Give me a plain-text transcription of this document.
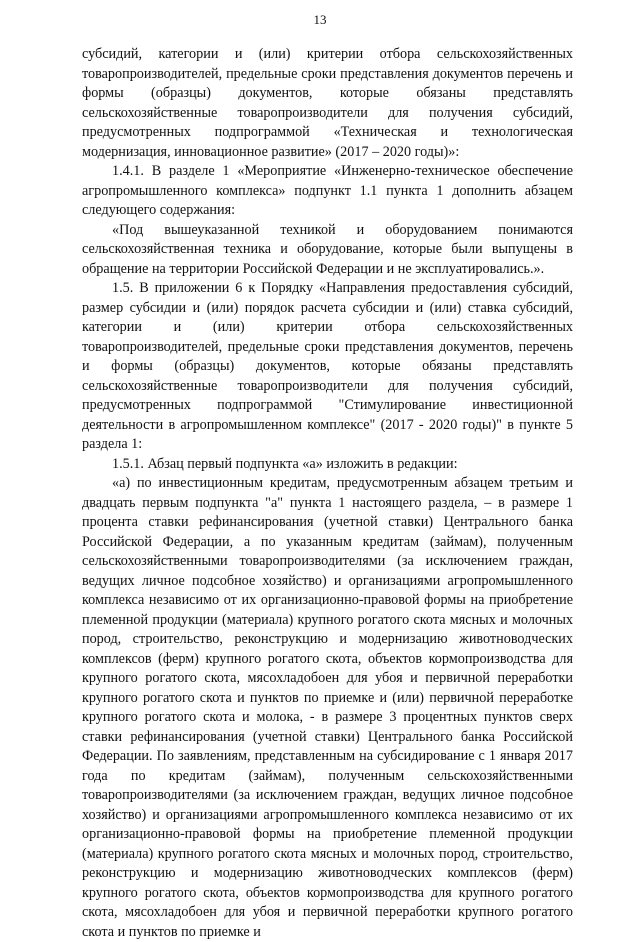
13

субсидий, категории и (или) критерии отбора сельскохозяйственных товаропроизводителей, предельные сроки представления документов перечень и формы (образцы) документов, которые обязаны представлять сельскохозяйственные товаропроизводители для получения субсидий, предусмотренных подпрограммой «Техническая и технологическая модернизация, инновационное развитие» (2017 – 2020 годы)»:

1.4.1. В разделе 1 «Мероприятие «Инженерно-техническое обеспечение агропромышленного комплекса» подпункт 1.1 пункта 1 дополнить абзацем следующего содержания:

«Под вышеуказанной техникой и оборудованием понимаются сельскохозяйственная техника и оборудование, которые были выпущены в обращение на территории Российской Федерации и не эксплуатировались.».

1.5. В приложении 6 к Порядку «Направления предоставления субсидий, размер субсидии и (или) порядок расчета субсидии и (или) ставка субсидий, категории и (или) критерии отбора сельскохозяйственных товаропроизводителей, предельные сроки представления документов, перечень и формы (образцы) документов, которые обязаны представлять сельскохозяйственные товаропроизводители для получения субсидий, предусмотренных подпрограммой "Стимулирование инвестиционной деятельности в агропромышленном комплексе" (2017 - 2020 годы)" в пункте 5 раздела 1:

1.5.1. Абзац первый подпункта «а» изложить в редакции:

«а) по инвестиционным кредитам, предусмотренным абзацем третьим и двадцать первым подпункта "а" пункта 1 настоящего раздела, – в размере 1 процента ставки рефинансирования (учетной ставки) Центрального банка Российской Федерации, а по указанным кредитам (займам), полученным сельскохозяйственными товаропроизводителями (за исключением граждан, ведущих личное подсобное хозяйство) и организациями агропромышленного комплекса независимо от их организационно-правовой формы на приобретение племенной продукции (материала) крупного рогатого скота мясных и молочных пород, строительство, реконструкцию и модернизацию животноводческих комплексов (ферм) крупного рогатого скота, объектов кормопроизводства для крупного рогатого скота, мясохладобоен для убоя и первичной переработки крупного рогатого скота и пунктов по приемке и (или) первичной переработке крупного рогатого скота и молока, - в размере 3 процентных пунктов сверх ставки рефинансирования (учетной ставки) Центрального банка Российской Федерации. По заявлениям, представленным на субсидирование с 1 января 2017 года по кредитам (займам), полученным сельскохозяйственными товаропроизводителями (за исключением граждан, ведущих личное подсобное хозяйство) и организациями агропромышленного комплекса независимо от их организационно-правовой формы на приобретение племенной продукции (материала) крупного рогатого скота мясных и молочных пород, строительство, реконструкцию и модернизацию животноводческих комплексов (ферм) крупного рогатого скота, объектов кормопроизводства для крупного рогатого скота, мясохладобоен для убоя и первичной переработки крупного рогатого скота и пунктов по приемке и
